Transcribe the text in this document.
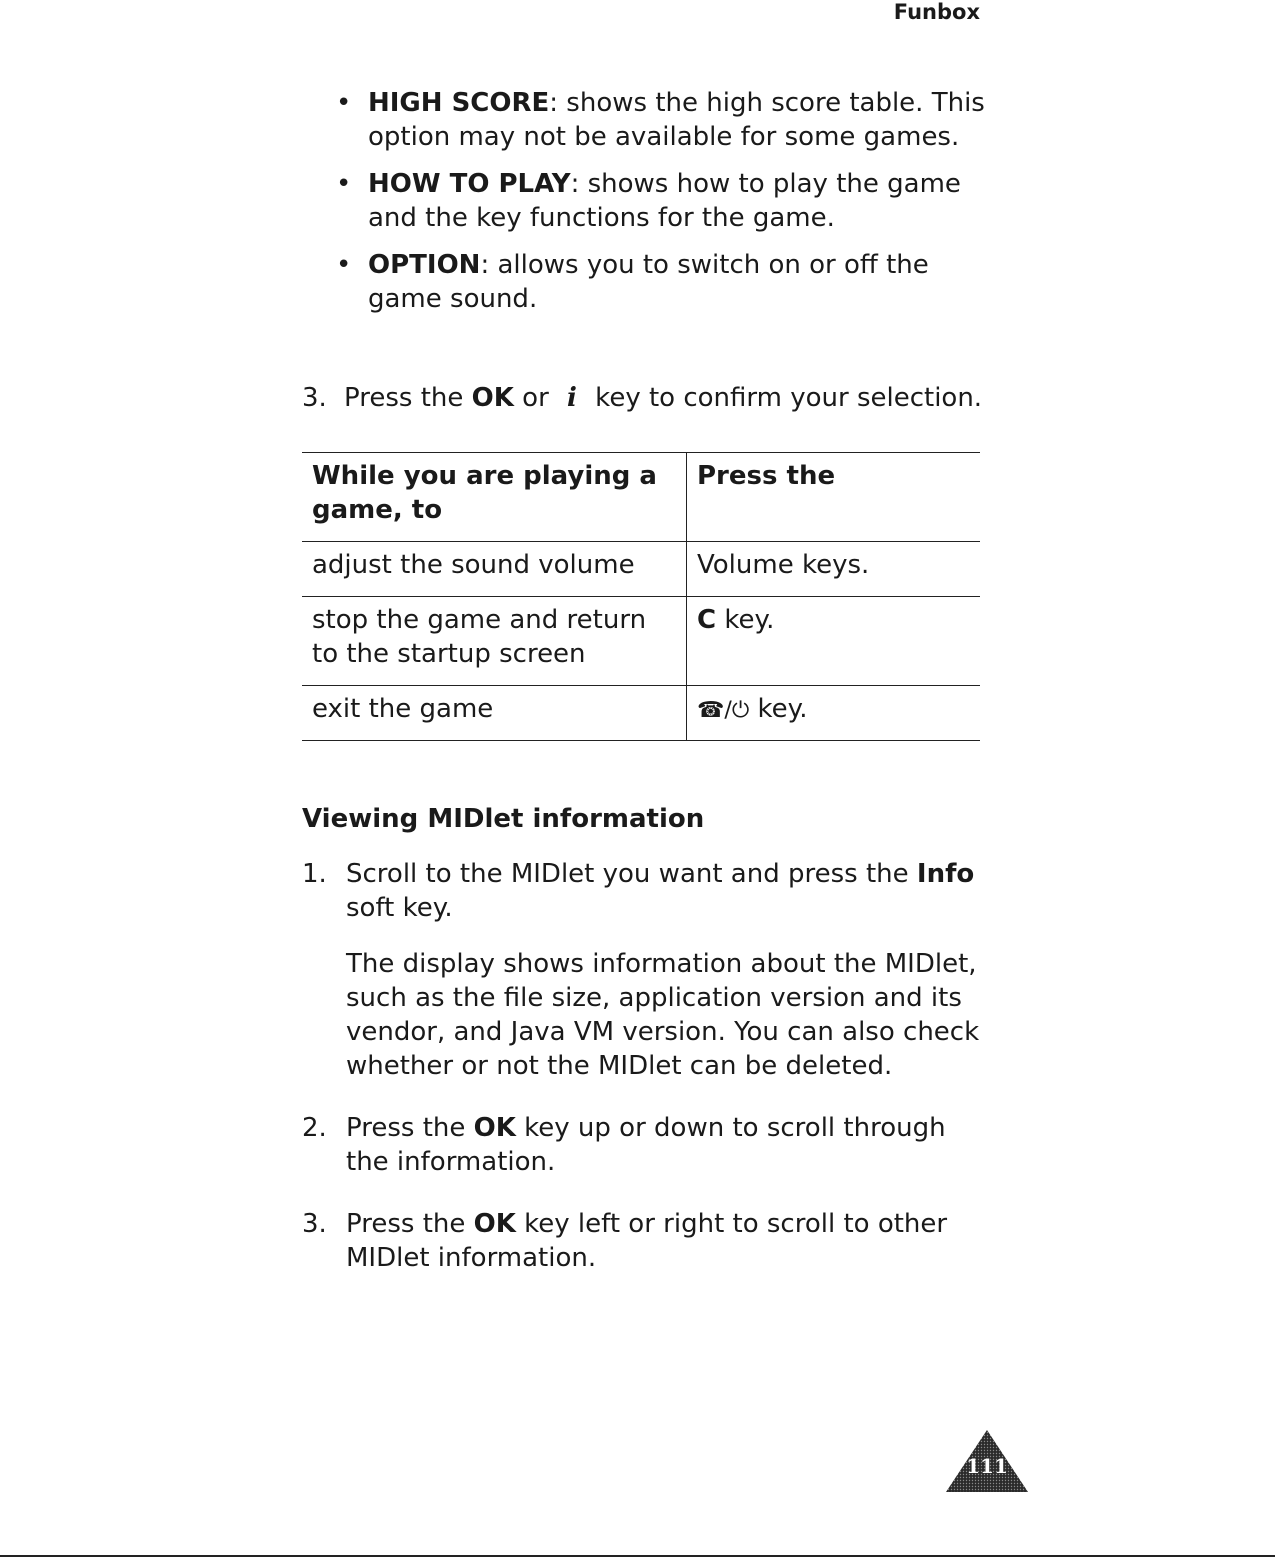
Funbox
• HIGH SCORE: shows the high score table. This option may not be available for some games.
• HOW TO PLAY: shows how to play the game and the key functions for the game.
• OPTION: allows you to switch on or off the game sound.
3. Press the OK or i key to confirm your selection.
While you are playing a game, to	Press the
adjust the sound volume	Volume keys.
stop the game and return to the startup screen	C key.
exit the game	☎/⏻ key.
Viewing MIDlet information
1. Scroll to the MIDlet you want and press the Info soft key.

The display shows information about the MIDlet, such as the file size, application version and its vendor, and Java VM version. You can also check whether or not the MIDlet can be deleted.

2. Press the OK key up or down to scroll through the information.

3. Press the OK key left or right to scroll to other MIDlet information.

111
